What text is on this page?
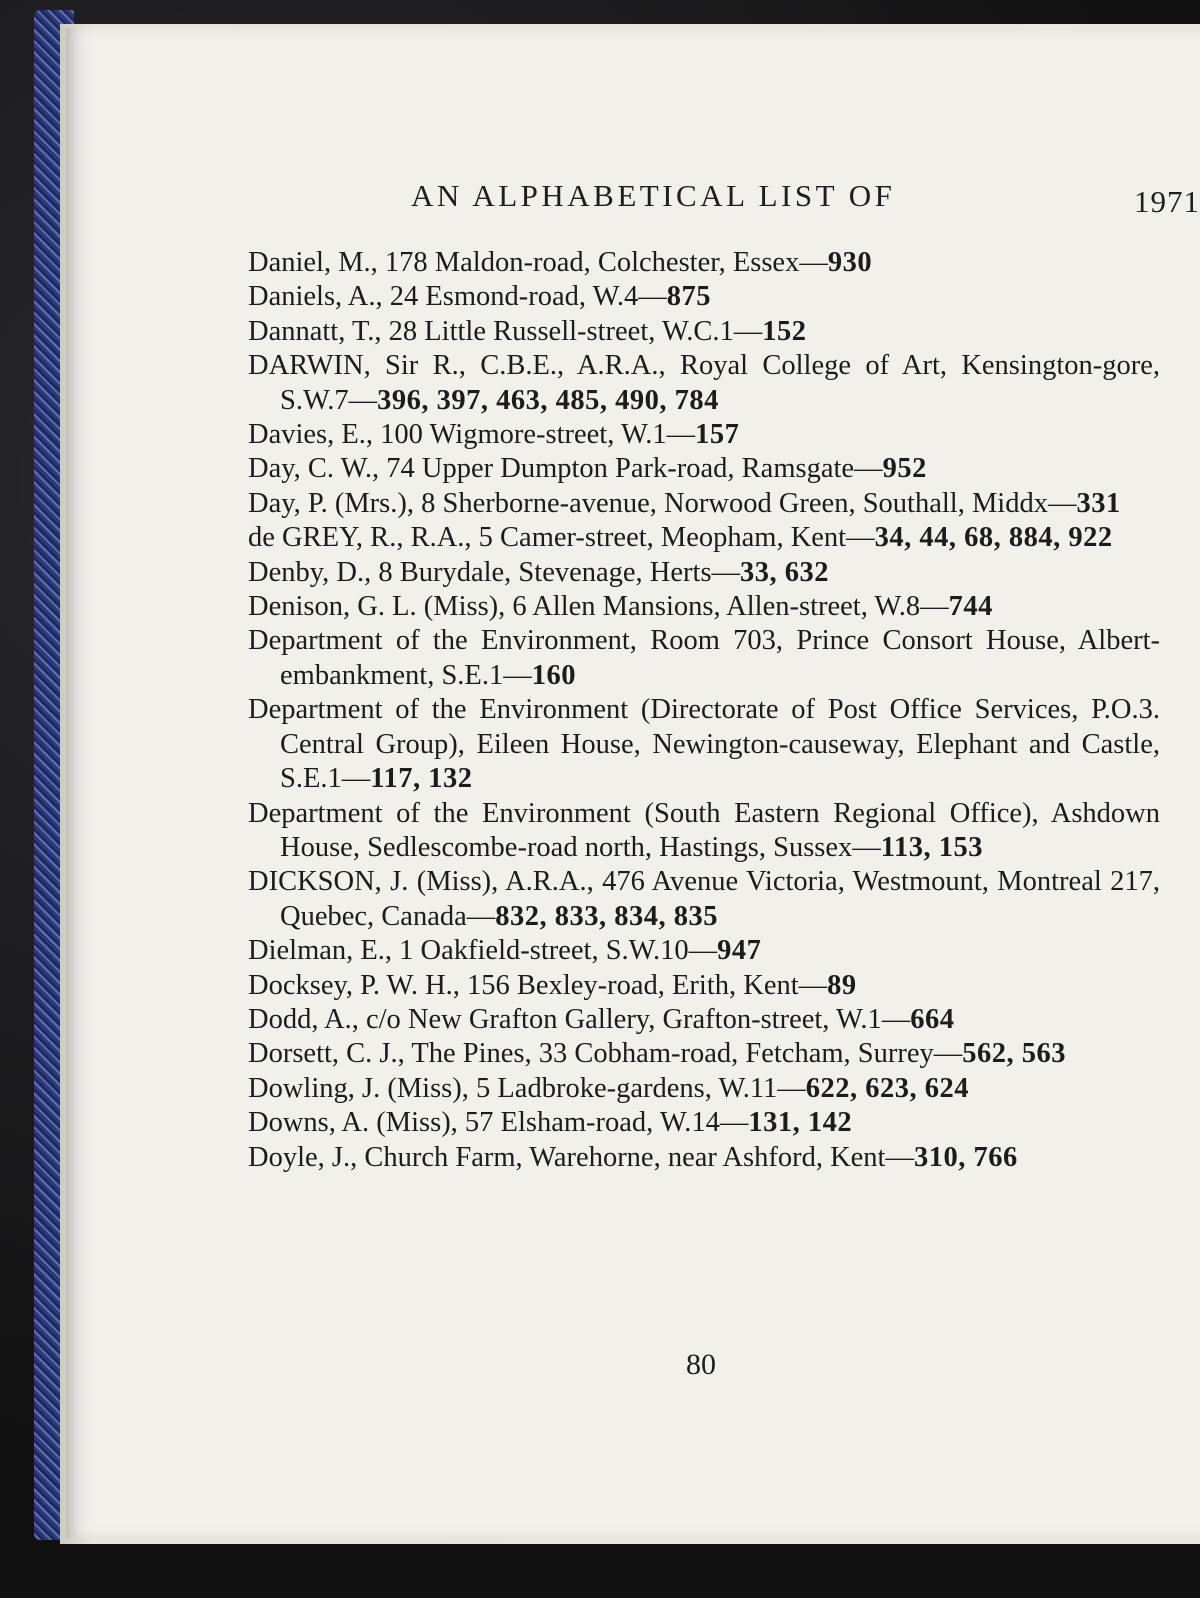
AN ALPHABETICAL LIST OF	1971

Daniel, M., 178 Maldon-road, Colchester, Essex—930

Daniels, A., 24 Esmond-road, W.4—875

Dannatt, T., 28 Little Russell-street, W.C.1—152

DARWIN, Sir R., C.B.E., A.R.A., Royal College of Art, Kensington-gore, S.W.7—396, 397, 463, 485, 490, 784

Davies, E., 100 Wigmore-street, W.1—157

Day, C. W., 74 Upper Dumpton Park-road, Ramsgate—952

Day, P. (Mrs.), 8 Sherborne-avenue, Norwood Green, Southall, Middx—331

de GREY, R., R.A., 5 Camer-street, Meopham, Kent—34, 44, 68, 884, 922

Denby, D., 8 Burydale, Stevenage, Herts—33, 632

Denison, G. L. (Miss), 6 Allen Mansions, Allen-street, W.8—744

Department of the Environment, Room 703, Prince Consort House, Albert-embankment, S.E.1—160

Department of the Environment (Directorate of Post Office Services, P.O.3. Central Group), Eileen House, Newington-causeway, Elephant and Castle, S.E.1—117, 132

Department of the Environment (South Eastern Regional Office), Ashdown House, Sedlescombe-road north, Hastings, Sussex—113, 153

DICKSON, J. (Miss), A.R.A., 476 Avenue Victoria, Westmount, Montreal 217, Quebec, Canada—832, 833, 834, 835

Dielman, E., 1 Oakfield-street, S.W.10—947

Docksey, P. W. H., 156 Bexley-road, Erith, Kent—89

Dodd, A., c/o New Grafton Gallery, Grafton-street, W.1—664

Dorsett, C. J., The Pines, 33 Cobham-road, Fetcham, Surrey—562, 563

Dowling, J. (Miss), 5 Ladbroke-gardens, W.11—622, 623, 624

Downs, A. (Miss), 57 Elsham-road, W.14—131, 142

Doyle, J., Church Farm, Warehorne, near Ashford, Kent—310, 766

80
